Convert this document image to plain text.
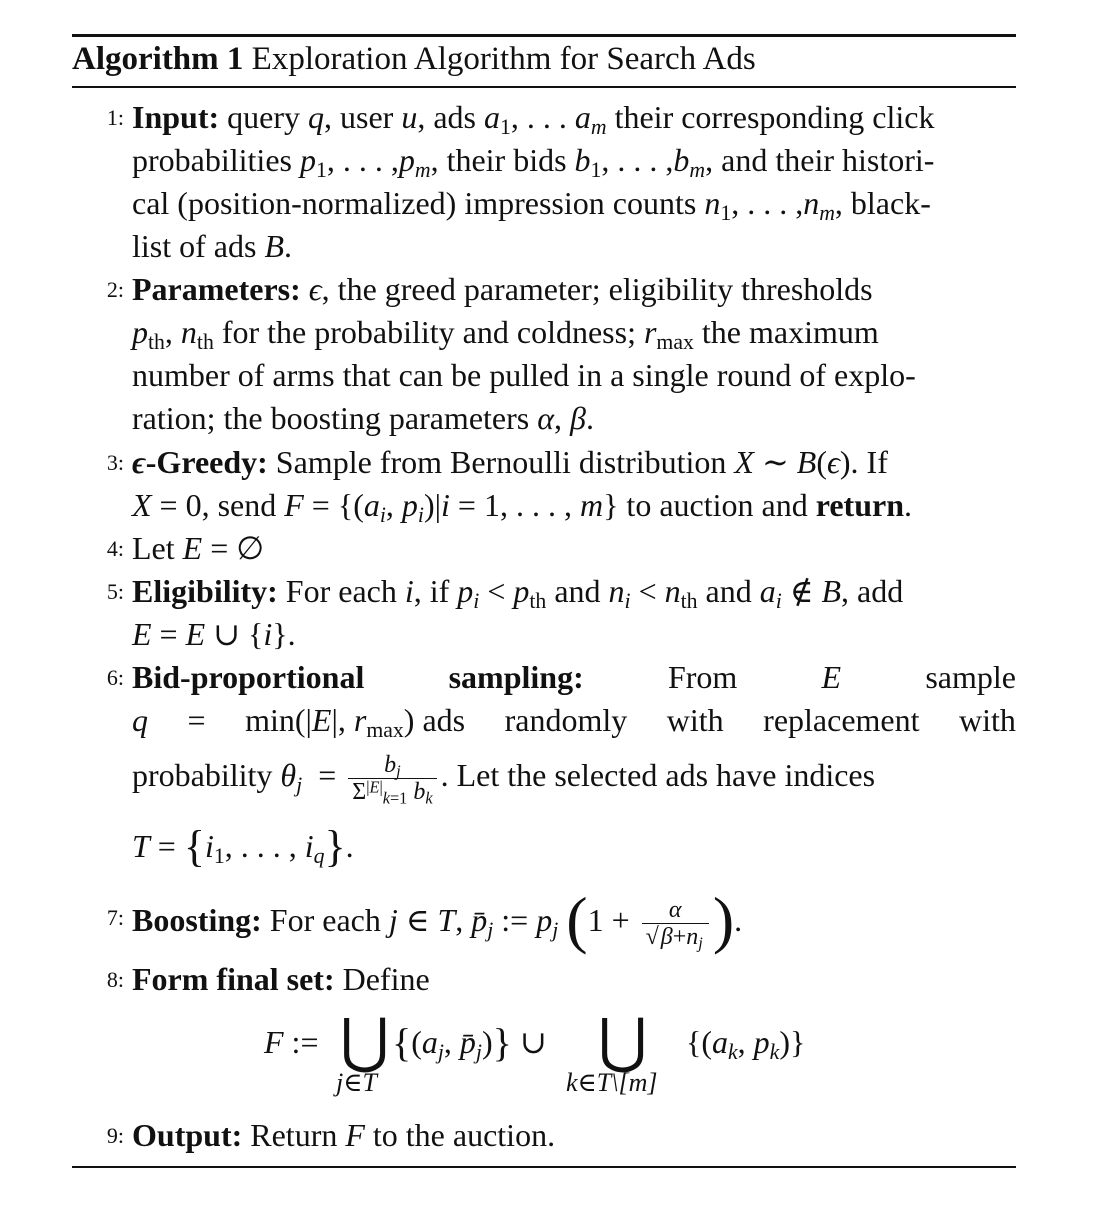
Algorithm 1 Exploration Algorithm for Search Ads
1: Input: query q, user u, ads $a_1$, . . . $a_m$ their corresponding click
probabilities $p_1$, . . . $,p_m$, their bids $b_1$, . . . $,b_m$, and their histori-
cal (position-normalized) impression counts $n_1$, . . . $,n_m$, black-
list of ads B.
2: Parameters: ϵ, the greed parameter; eligibility thresholds
$p_{th}$, $n_{th}$ for the probability and coldness; $r_{max}$ the maximum
number of arms that can be pulled in a single round of explo-
ration; the boosting parameters α, β.
3: ϵ-Greedy: Sample from Bernoulli distribution X ∼ B(ϵ). If
X = 0, send $F = \{(a_i$, $p_i)|i = 1$, . . . , m} to auction and return.
4: Let E = ∅
5: Eligibility: For each i, if $p_i < p_{th}$ and $n_i < n_{th}$ and $a_i$ ∉ B, add
E = E ∪ {i}.
6: Bid-proportional	sampling:	From	E	sample
q = min(|E|, $r_{max}$) ads randomly with replacement with
probability $\theta_j = \frac{b_j}{\Sigma^{|E|}_{k=1} b_k}$ . Let the selected ads have indices
$T = \{i_1$, . . . , $i_q$}.
7: Boosting: For each j ∈ T, $p̄_j$ := $p_j$ ($1 + \frac{\alpha}{√\beta+n_j}$ ).
8: Form final set: Define
F := ⋃ {($a_j$, $p̄_j$)} ∪ ⋃ {($a_k$, $p_k$)}
j∈T	k∈T\[m]
9: Output: Return F to the auction.
